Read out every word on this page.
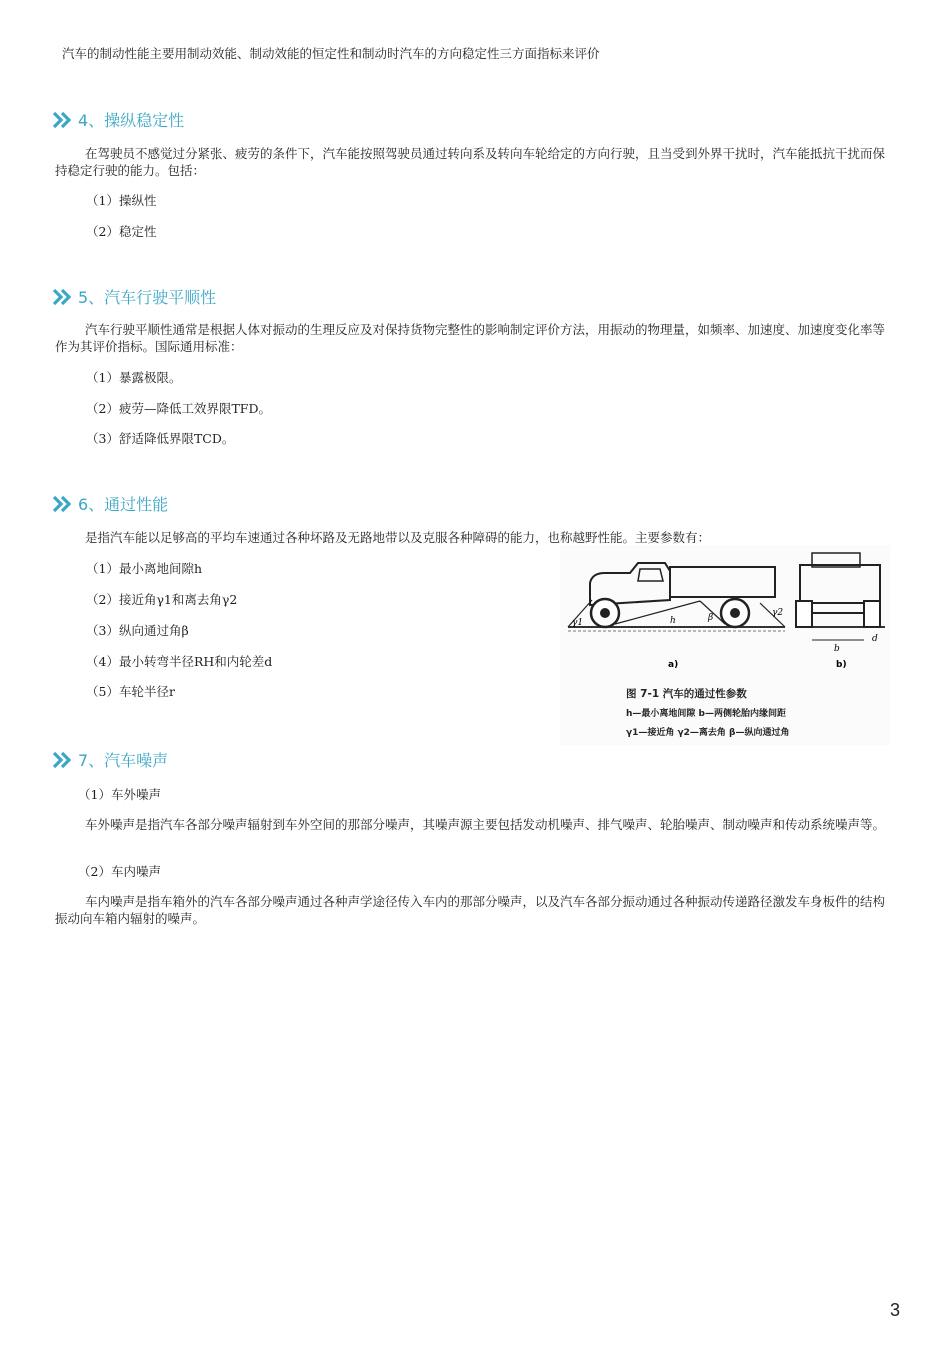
汽车的制动性能主要用制动效能、制动效能的恒定性和制动时汽车的方向稳定性三方面指标来评价
4、操纵稳定性
在驾驶员不感觉过分紧张、疲劳的条件下，汽车能按照驾驶员通过转向系及转向车轮给定的方向行驶，且当受到外界干扰时，汽车能抵抗干扰而保持稳定行驶的能力。包括：
（1）操纵性
（2）稳定性
5、汽车行驶平顺性
汽车行驶平顺性通常是根据人体对振动的生理反应及对保持货物完整性的影响制定评价方法，用振动的物理量，如频率、加速度、加速度变化率等作为其评价指标。国际通用标准：
（1）暴露极限。
（2）疲劳—降低工效界限TFD。
（3）舒适降低界限TCD。
6、通过性能
是指汽车能以足够高的平均车速通过各种坏路及无路地带以及克服各种障碍的能力，也称越野性能。主要参数有：
（1）最小离地间隙h
（2）接近角γ1和离去角γ2
（3）纵向通过角β
（4）最小转弯半径RH和内轮差d
（5）车轮半径r
γ1
γ2
β
h
a)
b
d
b)
图 7-1 汽车的通过性参数
h—最小离地间隙 b—两侧轮胎内缘间距
γ1—接近角 γ2—离去角 β—纵向通过角
7、汽车噪声
（1）车外噪声
车外噪声是指汽车各部分噪声辐射到车外空间的那部分噪声，其噪声源主要包括发动机噪声、排气噪声、轮胎噪声、制动噪声和传动系统噪声等。
（2）车内噪声
车内噪声是指车箱外的汽车各部分噪声通过各种声学途径传入车内的那部分噪声，以及汽车各部分振动通过各种振动传递路径激发车身板件的结构振动向车箱内辐射的噪声。
3
